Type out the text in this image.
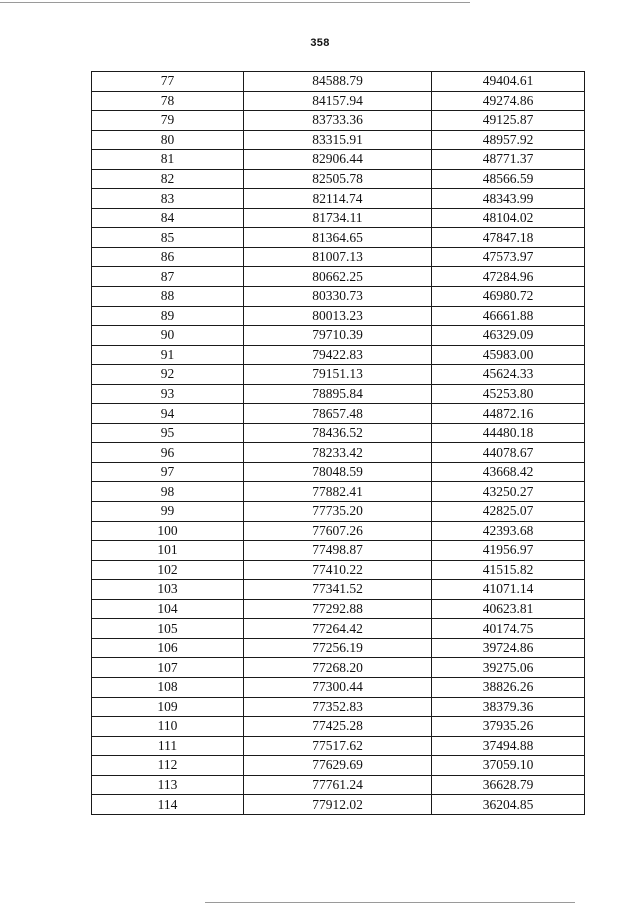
358
77	84588.79	49404.61
78	84157.94	49274.86
79	83733.36	49125.87
80	83315.91	48957.92
81	82906.44	48771.37
82	82505.78	48566.59
83	82114.74	48343.99
84	81734.11	48104.02
85	81364.65	47847.18
86	81007.13	47573.97
87	80662.25	47284.96
88	80330.73	46980.72
89	80013.23	46661.88
90	79710.39	46329.09
91	79422.83	45983.00
92	79151.13	45624.33
93	78895.84	45253.80
94	78657.48	44872.16
95	78436.52	44480.18
96	78233.42	44078.67
97	78048.59	43668.42
98	77882.41	43250.27
99	77735.20	42825.07
100	77607.26	42393.68
101	77498.87	41956.97
102	77410.22	41515.82
103	77341.52	41071.14
104	77292.88	40623.81
105	77264.42	40174.75
106	77256.19	39724.86
107	77268.20	39275.06
108	77300.44	38826.26
109	77352.83	38379.36
110	77425.28	37935.26
111	77517.62	37494.88
112	77629.69	37059.10
113	77761.24	36628.79
114	77912.02	36204.85
